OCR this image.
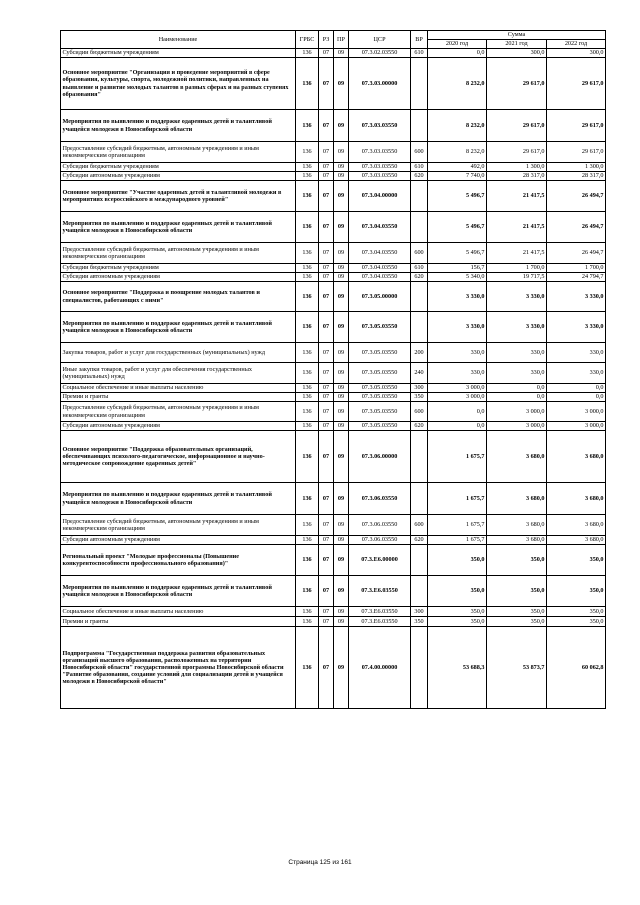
Наименование	ГРБС	РЗ	ПР	ЦСР	ВР	Сумма		
						2020 год	2021 год	2022 год
Субсидии бюджетным учреждениям	136	07	09	07.3.02.03550	610	0,0	300,0	300,0
Основное мероприятие "Организация и проведение мероприятий в сфере образования, культуры, спорта, молодежной политики, направленных на выявление и развитие молодых талантов в разных сферах и на разных ступенях образования"	136	07	09	07.3.03.00000		8 232,0	29 617,0	29 617,0
Мероприятия по выявлению и поддержке одаренных детей и талантливой учащейся молодежи в Новосибирской области	136	07	09	07.3.03.03550		8 232,0	29 617,0	29 617,0
Предоставление субсидий бюджетным, автономным учреждениям и иным некоммерческим организациям	136	07	09	07.3.03.03550	600	8 232,0	29 617,0	29 617,0
Субсидии бюджетным учреждениям	136	07	09	07.3.03.03550	610	492,0	1 300,0	1 300,0
Субсидии автономным учреждениям	136	07	09	07.3.03.03550	620	7 740,0	28 317,0	28 317,0
Основное мероприятие "Участие одаренных детей и талантливой молодежи в мероприятиях всероссийского и международного уровней"	136	07	09	07.3.04.00000		5 496,7	21 417,5	26 494,7
Мероприятия по выявлению и поддержке одаренных детей и талантливой учащейся молодежи в Новосибирской области	136	07	09	07.3.04.03550		5 496,7	21 417,5	26 494,7
Предоставление субсидий бюджетным, автономным учреждениям и иным некоммерческим организациям	136	07	09	07.3.04.03550	600	5 496,7	21 417,5	26 494,7
Субсидии бюджетным учреждениям	136	07	09	07.3.04.03550	610	156,7	1 700,0	1 700,0
Субсидии автономным учреждениям	136	07	09	07.3.04.03550	620	5 340,0	19 717,5	24 794,7
Основное мероприятие "Поддержка и поощрение молодых талантов и специалистов, работающих с ними"	136	07	09	07.3.05.00000		3 330,0	3 330,0	3 330,0
Мероприятия по выявлению и поддержке одаренных детей и талантливой учащейся молодежи в Новосибирской области	136	07	09	07.3.05.03550		3 330,0	3 330,0	3 330,0
Закупка товаров, работ и услуг для государственных (муниципальных) нужд	136	07	09	07.3.05.03550	200	330,0	330,0	330,0
Иные закупки товаров, работ и услуг для обеспечения государственных (муниципальных) нужд	136	07	09	07.3.05.03550	240	330,0	330,0	330,0
Социальное обеспечение и иные выплаты населению	136	07	09	07.3.05.03550	300	3 000,0	0,0	0,0
Премии и гранты	136	07	09	07.3.05.03550	350	3 000,0	0,0	0,0
Предоставление субсидий бюджетным, автономным учреждениям и иным некоммерческим организациям	136	07	09	07.3.05.03550	600	0,0	3 000,0	3 000,0
Субсидии автономным учреждениям	136	07	09	07.3.05.03550	620	0,0	3 000,0	3 000,0
Основное мероприятие "Поддержка образовательных организаций, обеспечивающих психолого-педагогическое, информационное и научно-методическое сопровождение одаренных детей"	136	07	09	07.3.06.00000		1 675,7	3 680,0	3 680,0
Мероприятия по выявлению и поддержке одаренных детей и талантливой учащейся молодежи в Новосибирской области	136	07	09	07.3.06.03550		1 675,7	3 680,0	3 680,0
Предоставление субсидий бюджетным, автономным учреждениям и иным некоммерческим организациям	136	07	09	07.3.06.03550	600	1 675,7	3 680,0	3 680,0
Субсидии автономным учреждениям	136	07	09	07.3.06.03550	620	1 675,7	3 680,0	3 680,0
Региональный проект "Молодые профессионалы (Повышение конкурентоспособности профессионального образования)"	136	07	09	07.3.E6.00000		350,0	350,0	350,0
Мероприятия по выявлению и поддержке одаренных детей и талантливой учащейся молодежи в Новосибирской области	136	07	09	07.3.E6.03550		350,0	350,0	350,0
Социальное обеспечение и иные выплаты населению	136	07	09	07.3.E6.03550	300	350,0	350,0	350,0
Премии и гранты	136	07	09	07.3.E6.03550	350	350,0	350,0	350,0
Подпрограмма "Государственная поддержка развития образовательных организаций высшего образования, расположенных на территории Новосибирской области" государственной программы Новосибирской области "Развитие образования, создание условий для социализации детей и учащейся молодежи в Новосибирской области"	136	07	09	07.4.00.00000		53 688,3	53 873,7	60 062,8
Страница 125 из 161
